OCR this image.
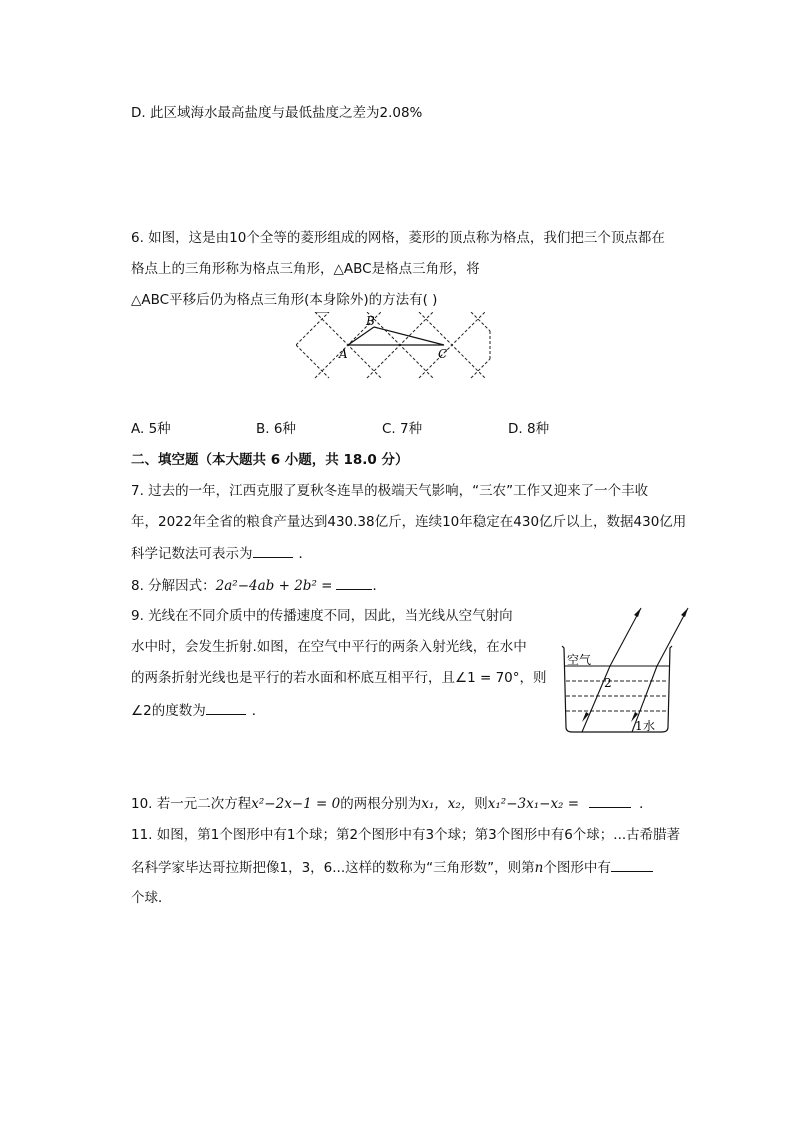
D. 此区域海水最高盐度与最低盐度之差为2.08%
6. 如图，这是由10个全等的菱形组成的网格，菱形的顶点称为格点，我们把三个顶点都在
格点上的三角形称为格点三角形，△ABC是格点三角形，将
△ABC平移后仍为格点三角形(本身除外)的方法有( )
B
A	C
A. 5种	B. 6种	C. 7种	D. 8种
二、填空题（本大题共 6 小题，共 18.0 分）
7. 过去的一年，江西克服了夏秋冬连旱的极端天气影响，“三农”工作又迎来了一个丰收
年，2022年全省的粮食产量达到430.38亿斤，连续10年稳定在430亿斤以上，数据430亿用
科学记数法可表示为	．
8. 分解因式：2a²−4ab + 2b² =	．
9. 光线在不同介质中的传播速度不同，因此，当光线从空气射向
水中时，会发生折射.如图，在空气中平行的两条入射光线，在水中
的两条折射光线也是平行的若水面和杯底互相平行，且∠1 = 70°，则
∠2的度数为	．
空气
2
1 水
10. 若一元二次方程x²−2x−1 = 0的两根分别为x₁，x₂，则x₁²−3x₁−x₂ =	．
11. 如图，第1个图形中有1个球；第2个图形中有3个球；第3个图形中有6个球；...古希腊著
名科学家毕达哥拉斯把像1，3，6...这样的数称为“三角形数”，则第n个图形中有
个球．
